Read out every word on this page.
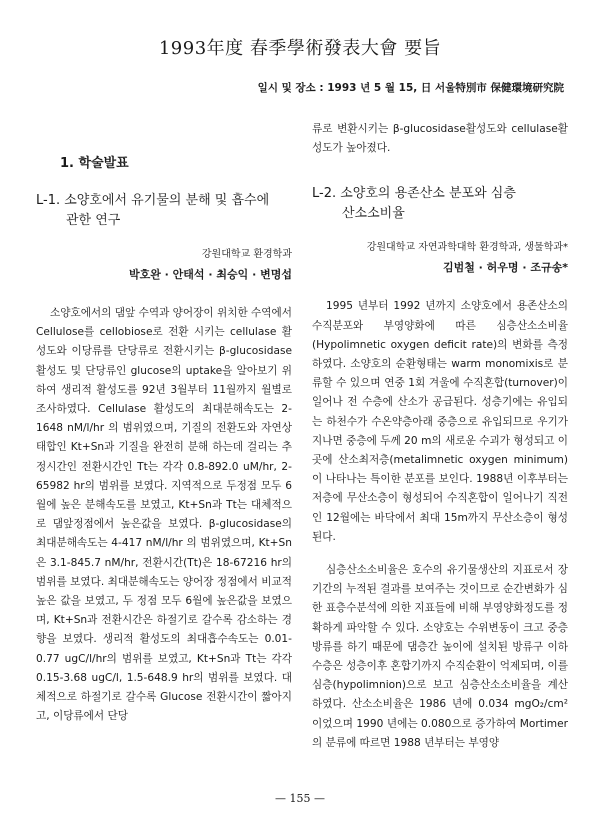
1993年度 春季學術發表大會 要旨
일시 및 장소 : 1993 년 5 월 15, 日 서울特別市 保健環境研究院
1. 학술발표
L-1. 소양호에서 유기물의 분해 및 흡수에
관한 연구
강원대학교 환경학과
박호완 · 안태석 · 최승익 · 변명섭
소양호에서의 댐앞 수역과 양어장이 위치한 수역에서 Cellulose를 cellobiose로 전환 시키는 cellulase 활성도와 이당류를 단당류로 전환시키는 β-glucosidase 활성도 및 단당류인 glucose의 uptake을 알아보기 위하여 생리적 활성도를 92년 3월부터 11월까지 월별로 조사하였다. Cellulase 활성도의 최대분해속도는 2-1648 nM/l/hr 의 범위였으며, 기질의 전환도와 자연상태합인 Kt+Sn과 기질을 완전히 분해 하는데 걸리는 추정시간인 전환시간인 Tt는 각각 0.8-892.0 uM/hr, 2-65982 hr의 범위를 보였다. 지역적으로 두정점 모두 6월에 높은 분해속도를 보였고, Kt+Sn과 Tt는 대체적으로 댐앞정점에서 높은값을 보였다. β-glucosidase의 최대분해속도는 4-417 nM/l/hr 의 범위였으며, Kt+Sn은 3.1-845.7 nM/hr, 전환시간(Tt)은 18-67216 hr의 범위를 보였다. 최대분해속도는 양어장 정점에서 비교적 높은 값을 보였고, 두 정점 모두 6월에 높은값을 보였으며, Kt+Sn과 전환시간은 하절기로 갈수록 감소하는 경향을 보였다. 생리적 활성도의 최대흡수속도는 0.01-0.77 ugC/l/hr의 범위를 보였고, Kt+Sn과 Tt는 각각 0.15-3.68 ugC/l, 1.5-648.9 hr의 범위를 보였다. 대체적으로 하절기로 갈수록 Glucose 전환시간이 짧아지고, 이당류에서 단당
류로 변환시키는 β-glucosidase활성도와 cellulase활성도가 높아졌다.
L-2. 소양호의 용존산소 분포와 심층
산소소비율
강원대학교 자연과학대학 환경학과, 생물학과*
김범철 · 허우명 · 조규송*
1995 년부터 1992 년까지 소양호에서 용존산소의 수직분포와 부영양화에 따른 심층산소소비율 (Hypolimnetic oxygen deficit rate)의 변화를 측정하였다. 소양호의 순환형태는 warm monomixis로 분류할 수 있으며 연중 1회 겨울에 수직혼합(turnover)이 일어나 전 수층에 산소가 공급된다. 성층기에는 유입되는 하천수가 수온약층아래 중층으로 유입되므로 우기가 지나면 중층에 두께 20 m의 새로운 수괴가 형성되고 이곳에 산소최저층(metalimnetic oxygen minimum)이 나타나는 특이한 분포를 보인다. 1988년 이후부터는 저층에 무산소층이 형성되어 수직혼합이 일어나기 직전인 12월에는 바닥에서 최대 15m까지 무산소층이 형성된다.
심층산소소비율은 호수의 유기물생산의 지표로서 장기간의 누적된 결과를 보여주는 것이므로 순간변화가 심한 표층수분석에 의한 지표들에 비해 부영양화정도를 정확하게 파악할 수 있다. 소양호는 수위변동이 크고 중층방류를 하기 때문에 댐층간 높이에 설치된 방류구 이하 수층은 성층이후 혼합기까지 수직순환이 억제되며, 이를 심층(hypolimnion)으로 보고 심층산소소비율을 계산하였다. 산소소비율은 1986 년에 0.034 mgO₂/cm² 이었으며 1990 년에는 0.080으로 증가하여 Mortimer의 분류에 따르면 1988 년부터는 부영양
— 155 —
